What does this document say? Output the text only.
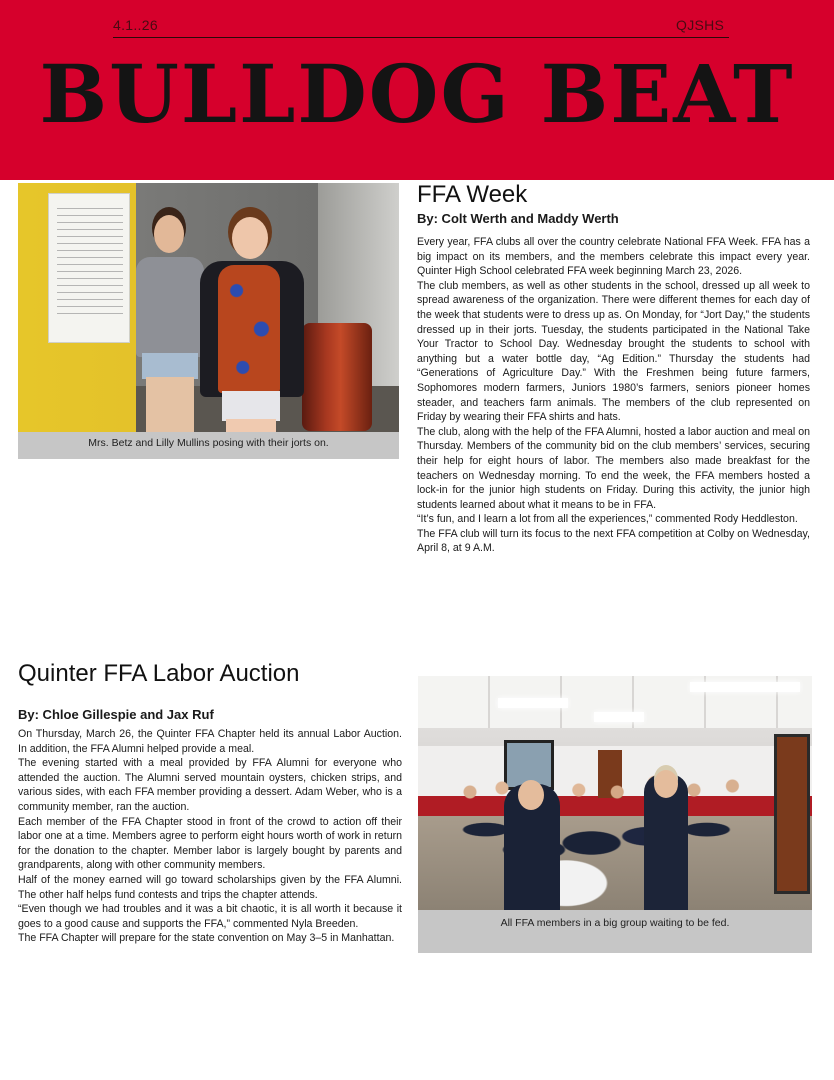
4.1..26	QJSHS
BULLDOG BEAT
Mrs. Betz and Lilly Mullins posing with their jorts on.
FFA Week
By: Colt Werth and Maddy Werth

Every year, FFA clubs all over the country celebrate National FFA Week. FFA has a big impact on its members, and the members celebrate this impact every year. Quinter High School celebrated FFA week beginning March 23, 2026.

The club members, as well as other students in the school, dressed up all week to spread awareness of the organization. There were different themes for each day of the week that students were to dress up as. On Monday, for “Jort Day,” the students dressed up in their jorts. Tuesday, the students participated in the National Take Your Tractor to School Day. Wednesday brought the students to school with anything but a water bottle day, “Ag Edition.” Thursday the students had “Generations of Agriculture Day.” With the Freshmen being future farmers, Sophomores modern farmers, Juniors 1980’s farmers, seniors pioneer homes steader, and teachers farm animals. The members of the club represented on Friday by wearing their FFA shirts and hats.

The club, along with the help of the FFA Alumni, hosted a labor auction and meal on Thursday. Members of the community bid on the club members’ services, securing their help for eight hours of labor. The members also made breakfast for the teachers on Wednesday morning. To end the week, the FFA members hosted a lock-in for the junior high students on Friday. During this activity, the junior high students learned about what it means to be in FFA.

“It’s fun, and I learn a lot from all the experiences,” commented Rody Heddleston.

The FFA club will turn its focus to the next FFA competition at Colby on Wednesday, April 8, at 9 A.M.

Quinter FFA Labor Auction
By: Chloe Gillespie and Jax Ruf

On Thursday, March 26, the Quinter FFA Chapter held its annual Labor Auction. In addition, the FFA Alumni helped provide a meal.

The evening started with a meal provided by FFA Alumni for everyone who attended the auction. The Alumni served mountain oysters, chicken strips, and various sides, with each FFA member providing a dessert. Adam Weber, who is a community member, ran the auction.

Each member of the FFA Chapter stood in front of the crowd to action off their labor one at a time. Members agree to perform eight hours worth of work in return for the donation to the chapter. Member labor is largely bought by parents and grandparents, along with other community members.

Half of the money earned will go toward scholarships given by the FFA Alumni. The other half helps fund contests and trips the chapter attends.

“Even though we had troubles and it was a bit chaotic, it is all worth it because it goes to a good cause and supports the FFA,” commented Nyla Breeden.

The FFA Chapter will prepare for the state convention on May 3–5 in Manhattan.

All FFA members in a big group waiting to be fed.
